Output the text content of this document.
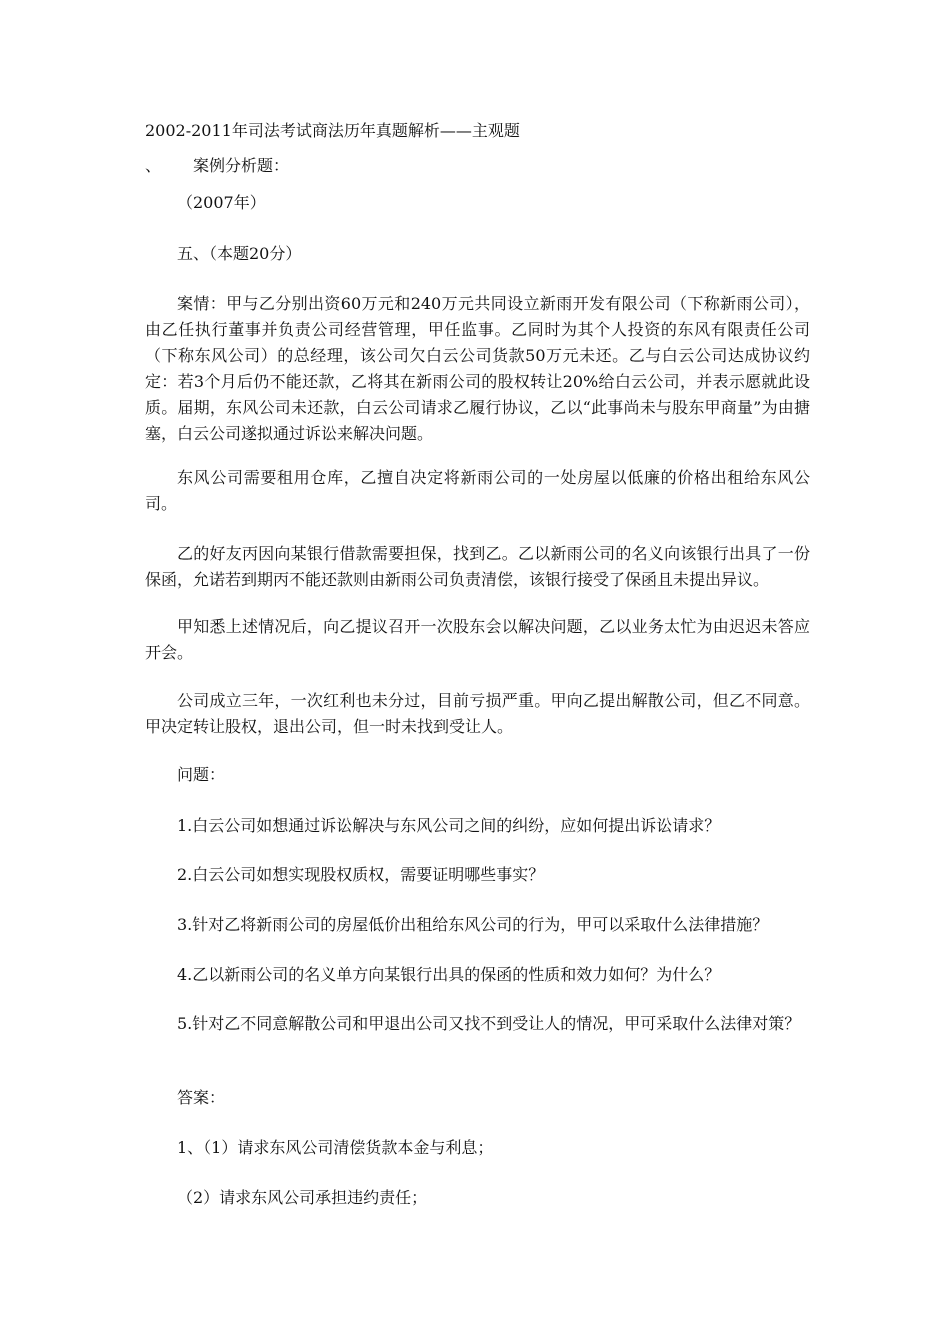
2002-2011年司法考试商法历年真题解析——主观题
、 案例分析题：
（2007年）
五、（本题20分）
案情：甲与乙分别出资60万元和240万元共同设立新雨开发有限公司（下称新雨公司），由乙任执行董事并负责公司经营管理，甲任监事。乙同时为其个人投资的东风有限责任公司（下称东风公司）的总经理，该公司欠白云公司货款50万元未还。乙与白云公司达成协议约定：若3个月后仍不能还款，乙将其在新雨公司的股权转让20%给白云公司，并表示愿就此设质。届期，东风公司未还款，白云公司请求乙履行协议，乙以“此事尚未与股东甲商量”为由搪塞，白云公司遂拟通过诉讼来解决问题。
东风公司需要租用仓库，乙擅自决定将新雨公司的一处房屋以低廉的价格出租给东风公司。
乙的好友丙因向某银行借款需要担保，找到乙。乙以新雨公司的名义向该银行出具了一份保函，允诺若到期丙不能还款则由新雨公司负责清偿，该银行接受了保函且未提出异议。
甲知悉上述情况后，向乙提议召开一次股东会以解决问题，乙以业务太忙为由迟迟未答应开会。
公司成立三年，一次红利也未分过，目前亏损严重。甲向乙提出解散公司，但乙不同意。甲决定转让股权，退出公司，但一时未找到受让人。
问题：
1.白云公司如想通过诉讼解决与东风公司之间的纠纷，应如何提出诉讼请求？
2.白云公司如想实现股权质权，需要证明哪些事实？
3.针对乙将新雨公司的房屋低价出租给东风公司的行为，甲可以采取什么法律措施？
4.乙以新雨公司的名义单方向某银行出具的保函的性质和效力如何？为什么？
5.针对乙不同意解散公司和甲退出公司又找不到受让人的情况，甲可采取什么法律对策？
答案：
1、（1）请求东风公司清偿货款本金与利息；
（2）请求东风公司承担违约责任；
